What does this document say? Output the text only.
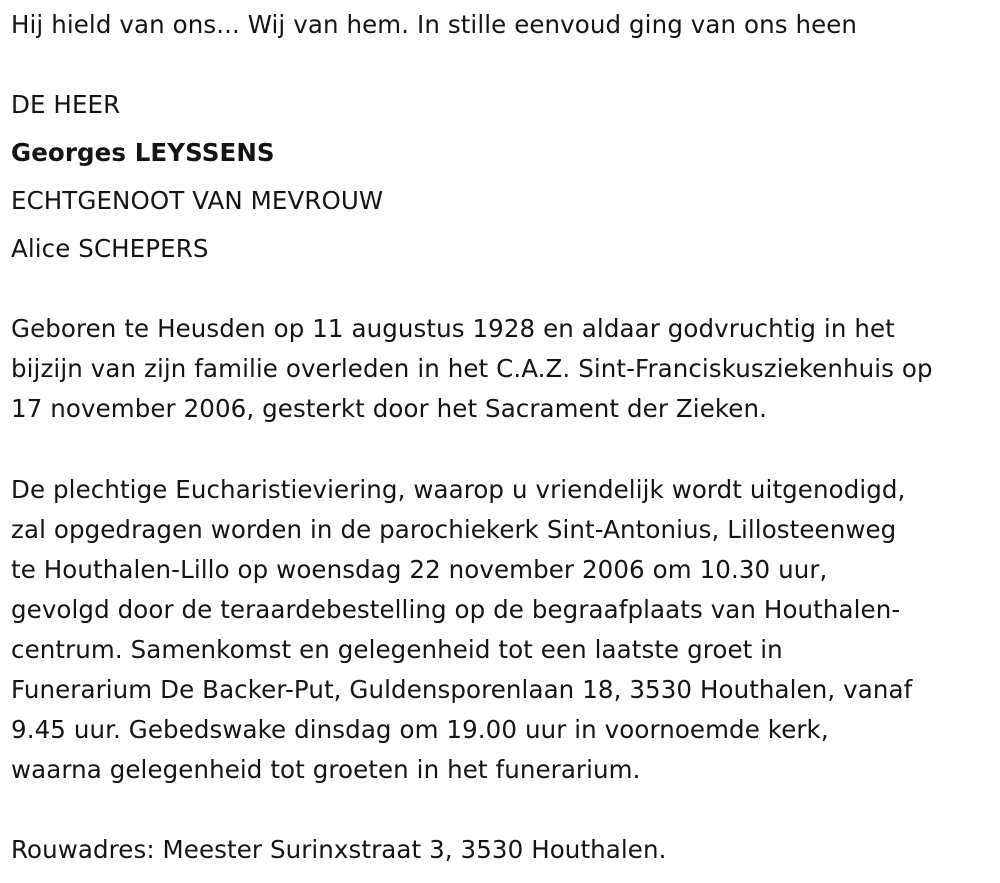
Hij hield van ons... Wij van hem. In stille eenvoud ging van ons heen
DE HEER
Georges LEYSSENS
ECHTGENOOT VAN MEVROUW
Alice SCHEPERS
Geboren te Heusden op 11 augustus 1928 en aldaar godvruchtig in het
bijzijn van zijn familie overleden in het C.A.Z. Sint-Franciskusziekenhuis op
17 november 2006, gesterkt door het Sacrament der Zieken.
De plechtige Eucharistieviering, waarop u vriendelijk wordt uitgenodigd,
zal opgedragen worden in de parochiekerk Sint-Antonius, Lillosteenweg
te Houthalen-Lillo op woensdag 22 november 2006 om 10.30 uur,
gevolgd door de teraardebestelling op de begraafplaats van Houthalen-
centrum. Samenkomst en gelegenheid tot een laatste groet in
Funerarium De Backer-Put, Guldensporenlaan 18, 3530 Houthalen, vanaf
9.45 uur. Gebedswake dinsdag om 19.00 uur in voornoemde kerk,
waarna gelegenheid tot groeten in het funerarium.
Rouwadres: Meester Surinxstraat 3, 3530 Houthalen.
